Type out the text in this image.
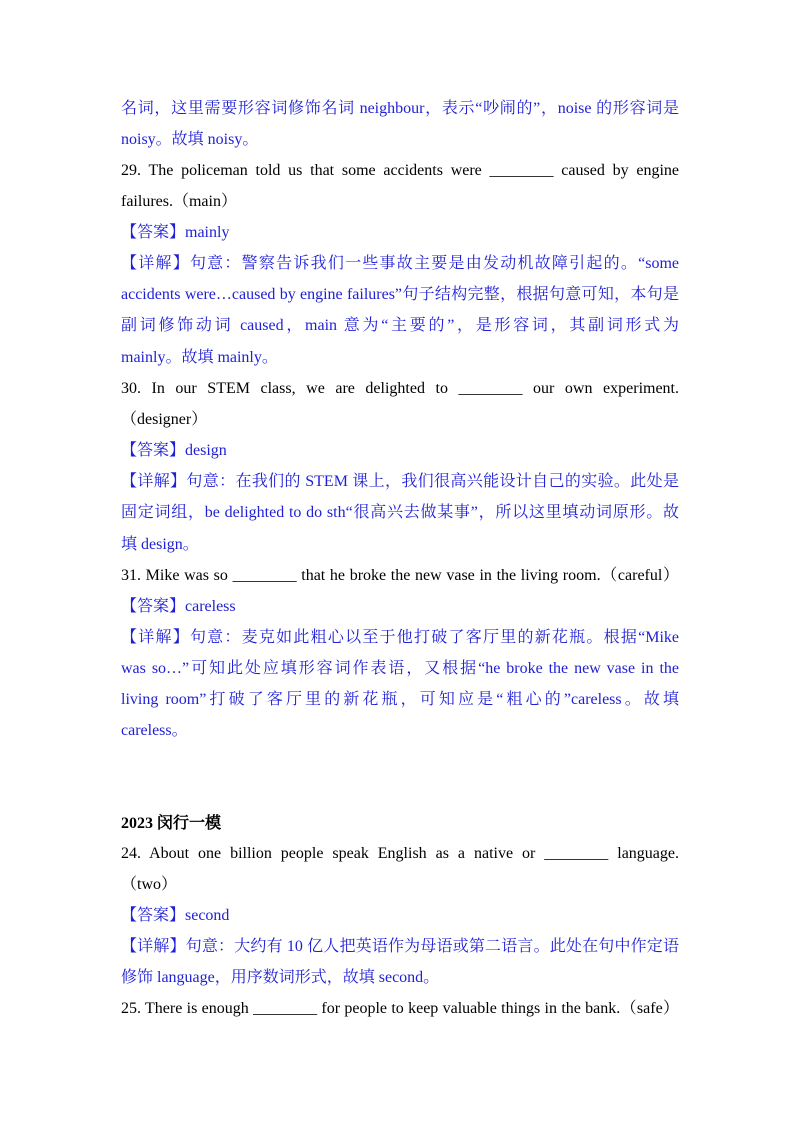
名词，这里需要形容词修饰名词 neighbour，表示“吵闹的”，noise 的形容词是
noisy。故填 noisy。
29. The policeman told us that some accidents were ________ caused by engine
failures.（main）
【答案】mainly
【详解】句意：警察告诉我们一些事故主要是由发动机故障引起的。“some
accidents were…caused by engine failures”句子结构完整，根据句意可知，本句是
副词修饰动词 caused，main 意为“主要的”，是形容词，其副词形式为
mainly。故填 mainly。
30. In our STEM class, we are delighted to ________ our own experiment.
（designer）
【答案】design
【详解】句意：在我们的 STEM 课上，我们很高兴能设计自己的实验。此处是
固定词组，be delighted to do sth“很高兴去做某事”，所以这里填动词原形。故
填 design。
31. Mike was so ________ that he broke the new vase in the living room.（careful）
【答案】careless
【详解】句意：麦克如此粗心以至于他打破了客厅里的新花瓶。根据“Mike
was so…”可知此处应填形容词作表语，又根据“he broke the new vase in the
living room”打破了客厅里的新花瓶，可知应是“粗心的”careless。故填
careless。
2023 闵行一模
24. About one billion people speak English as a native or ________ language.
（two）
【答案】second
【详解】句意：大约有 10 亿人把英语作为母语或第二语言。此处在句中作定语
修饰 language，用序数词形式，故填 second。
25. There is enough ________ for people to keep valuable things in the bank.（safe）
